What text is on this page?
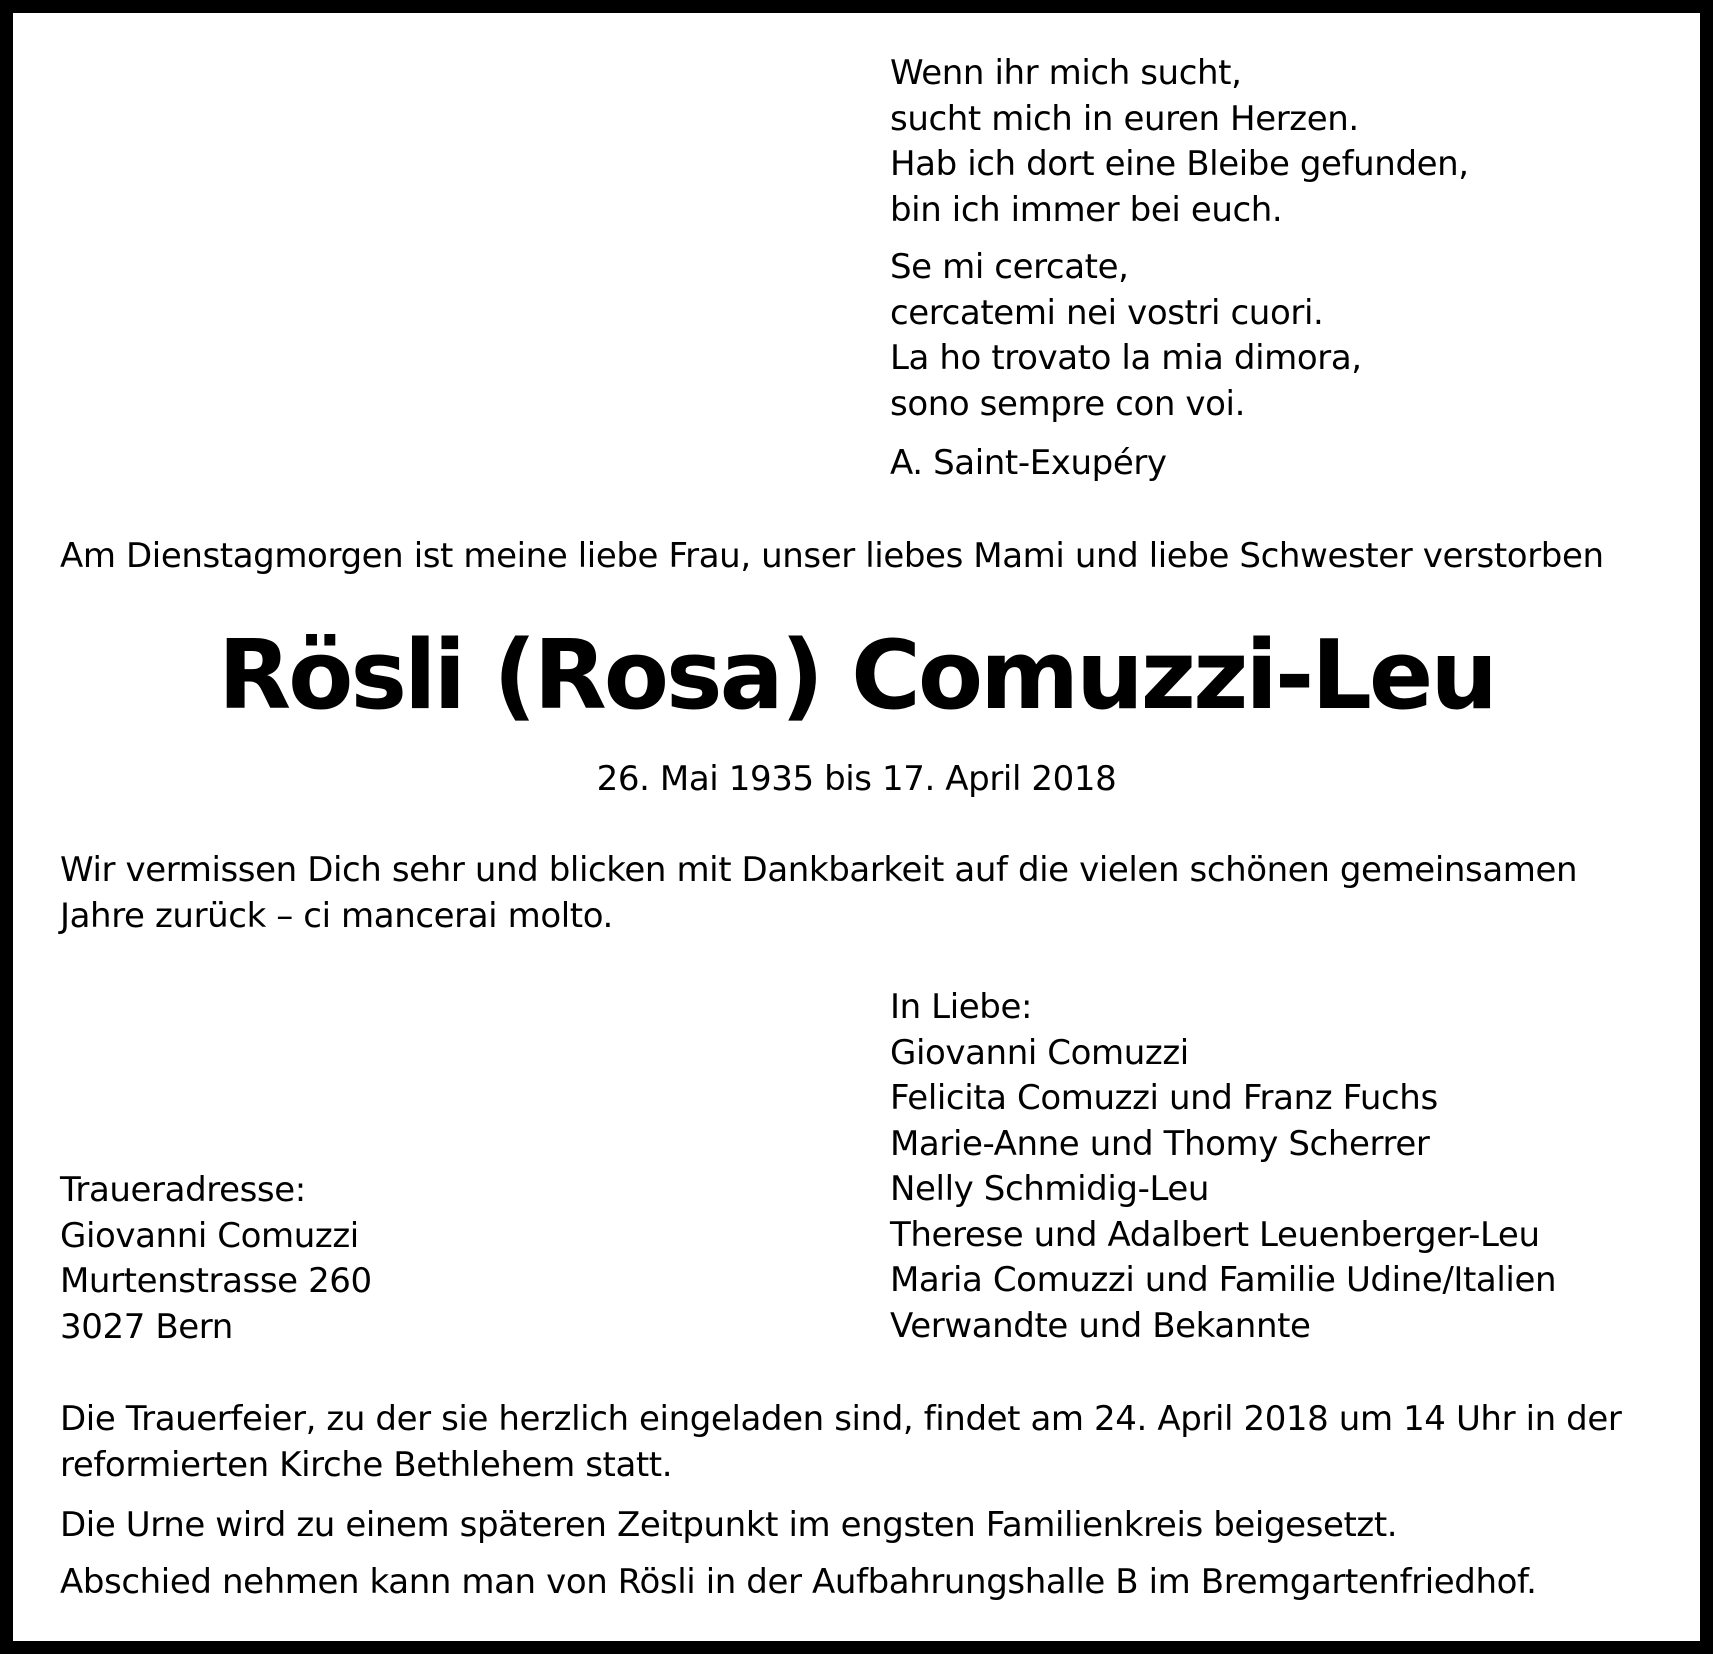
Wenn ihr mich sucht,
sucht mich in euren Herzen.
Hab ich dort eine Bleibe gefunden,
bin ich immer bei euch.
Se mi cercate,
cercatemi nei vostri cuori.
La ho trovato la mia dimora,
sono sempre con voi.
A. Saint-Exupéry
Am Dienstagmorgen ist meine liebe Frau, unser liebes Mami und liebe Schwester verstorben
Rösli (Rosa) Comuzzi-Leu
26. Mai 1935 bis 17. April 2018
Wir vermissen Dich sehr und blicken mit Dankbarkeit auf die vielen schönen gemeinsamen
Jahre zurück – ci mancerai molto.
In Liebe:
Giovanni Comuzzi
Felicita Comuzzi und Franz Fuchs
Marie-Anne und Thomy Scherrer
Nelly Schmidig-Leu
Therese und Adalbert Leuenberger-Leu
Maria Comuzzi und Familie Udine/Italien
Verwandte und Bekannte
Traueradresse:
Giovanni Comuzzi
Murtenstrasse 260
3027 Bern
Die Trauerfeier, zu der sie herzlich eingeladen sind, findet am 24. April 2018 um 14 Uhr in der
reformierten Kirche Bethlehem statt.
Die Urne wird zu einem späteren Zeitpunkt im engsten Familienkreis beigesetzt.
Abschied nehmen kann man von Rösli in der Aufbahrungshalle B im Bremgartenfriedhof.
